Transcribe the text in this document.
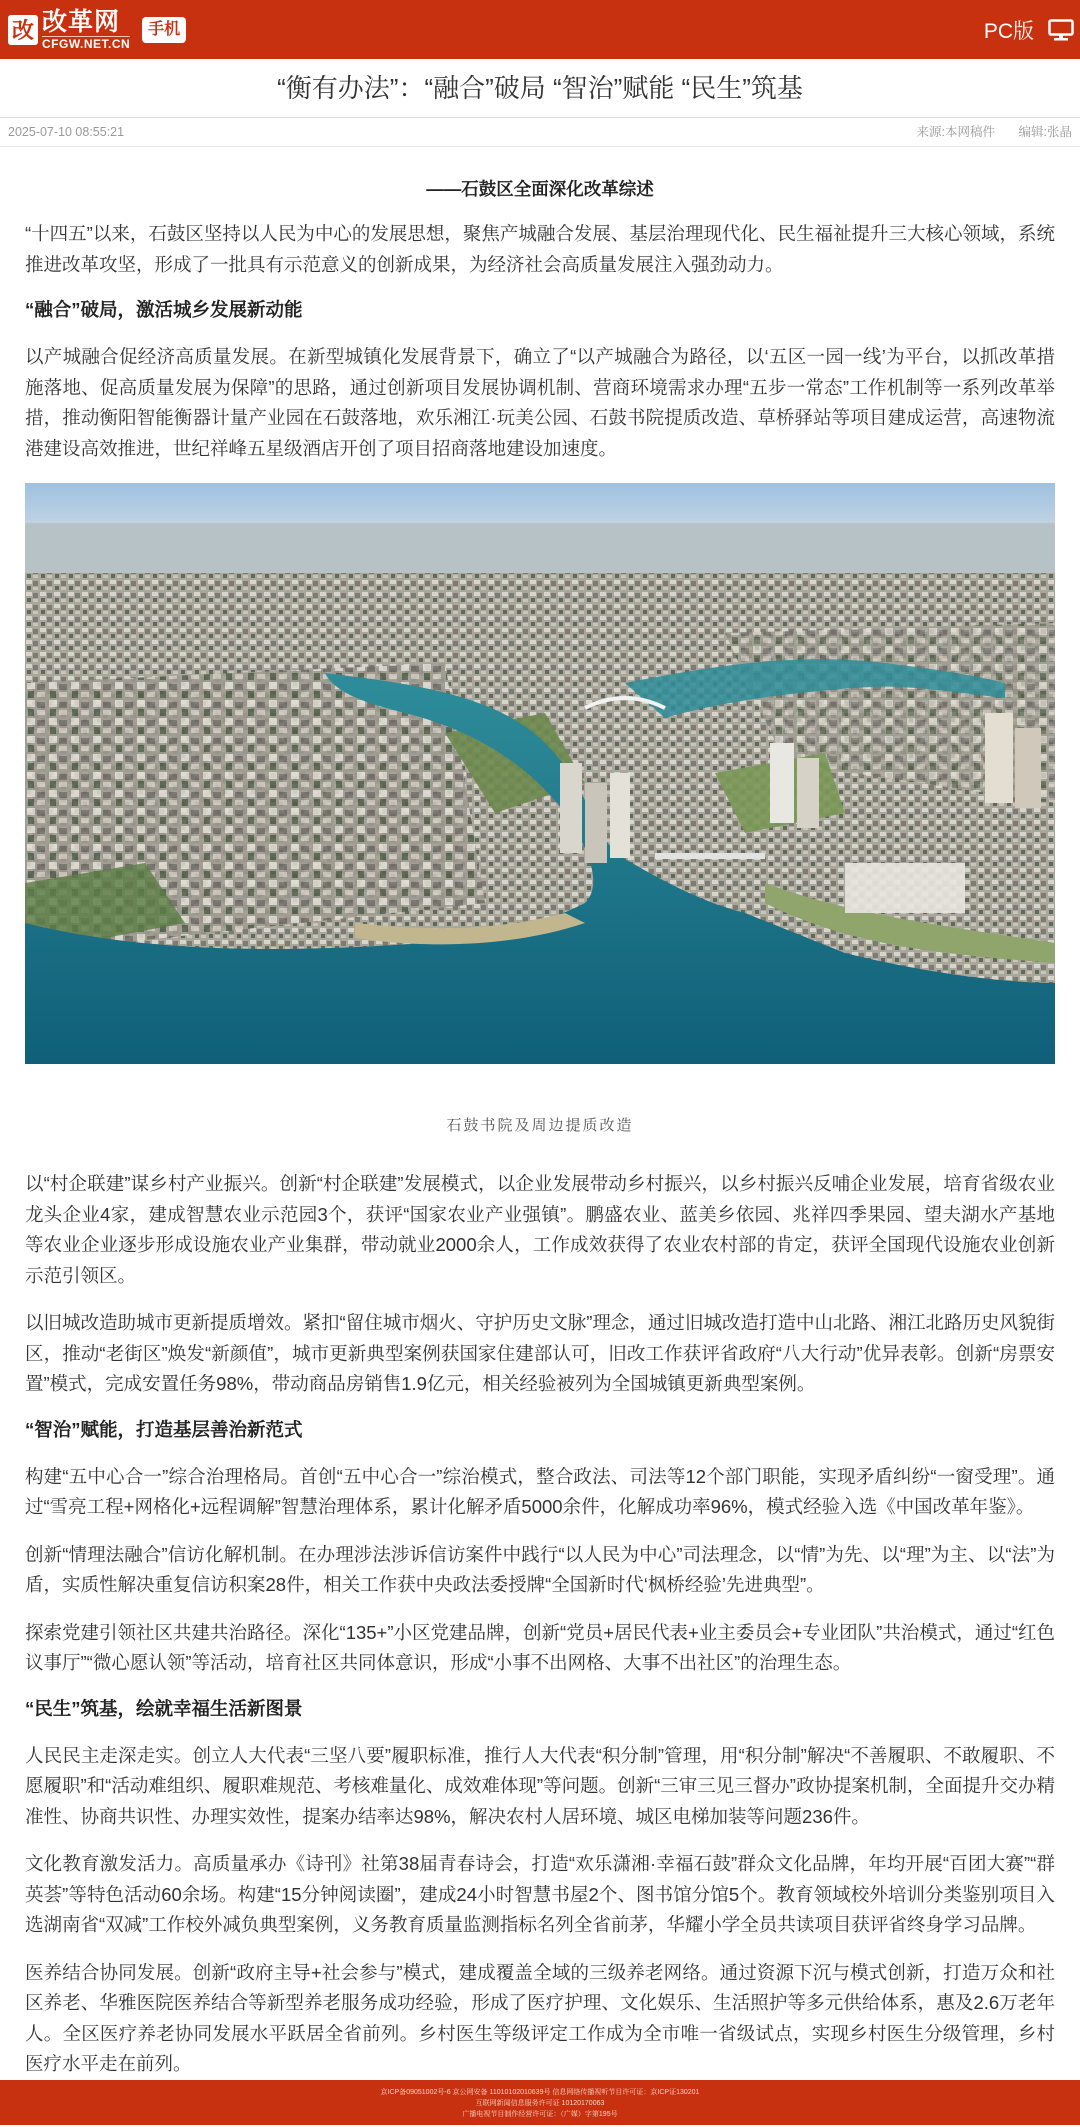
改 改革网
CFGW.NET.CN
手机	PC版
“衡有办法”：“融合”破局 “智治”赋能 “民生”筑基
2025-07-10 08:55:21	来源:本网稿件 编辑:张晶
——石鼓区全面深化改革综述

“十四五”以来，石鼓区坚持以人民为中心的发展思想，聚焦产城融合发展、基层治理现代化、民生福祉提升三大核心领域，系统推进改革攻坚，形成了一批具有示范意义的创新成果，为经济社会高质量发展注入强劲动力。

“融合”破局，激活城乡发展新动能

以产城融合促经济高质量发展。在新型城镇化发展背景下，确立了“以产城融合为路径，以‘五区一园一线’为平台，以抓改革措施落地、促高质量发展为保障”的思路，通过创新项目发展协调机制、营商环境需求办理“五步一常态”工作机制等一系列改革举措，推动衡阳智能衡器计量产业园在石鼓落地，欢乐湘江·玩美公园、石鼓书院提质改造、草桥驿站等项目建成运营，高速物流港建设高效推进，世纪祥峰五星级酒店开创了项目招商落地建设加速度。

石鼓书院及周边提质改造

以“村企联建”谋乡村产业振兴。创新“村企联建”发展模式，以企业发展带动乡村振兴，以乡村振兴反哺企业发展，培育省级农业龙头企业4家，建成智慧农业示范园3个，获评“国家农业产业强镇”。鹏盛农业、蓝美乡依园、兆祥四季果园、望夫湖水产基地等农业企业逐步形成设施农业产业集群，带动就业2000余人，工作成效获得了农业农村部的肯定，获评全国现代设施农业创新示范引领区。

以旧城改造助城市更新提质增效。紧扣“留住城市烟火、守护历史文脉”理念，通过旧城改造打造中山北路、湘江北路历史风貌街区，推动“老街区”焕发“新颜值”，城市更新典型案例获国家住建部认可，旧改工作获评省政府“八大行动”优异表彰。创新“房票安置”模式，完成安置任务98%，带动商品房销售1.9亿元，相关经验被列为全国城镇更新典型案例。

“智治”赋能，打造基层善治新范式

构建“五中心合一”综合治理格局。首创“五中心合一”综治模式，整合政法、司法等12个部门职能，实现矛盾纠纷“一窗受理”。通过“雪亮工程+网格化+远程调解”智慧治理体系，累计化解矛盾5000余件，化解成功率96%，模式经验入选《中国改革年鉴》。

创新“情理法融合”信访化解机制。在办理涉法涉诉信访案件中践行“以人民为中心”司法理念，以“情”为先、以“理”为主、以“法”为盾，实质性解决重复信访积案28件，相关工作获中央政法委授牌“全国新时代‘枫桥经验’先进典型”。

探索党建引领社区共建共治路径。深化“135+”小区党建品牌，创新“党员+居民代表+业主委员会+专业团队”共治模式，通过“红色议事厅”“微心愿认领”等活动，培育社区共同体意识，形成“小事不出网格、大事不出社区”的治理生态。

“民生”筑基，绘就幸福生活新图景

人民民主走深走实。创立人大代表“三坚八要”履职标准，推行人大代表“积分制”管理，用“积分制”解决“不善履职、不敢履职、不愿履职”和“活动难组织、履职难规范、考核难量化、成效难体现”等问题。创新“三审三见三督办”政协提案机制，全面提升交办精准性、协商共识性、办理实效性，提案办结率达98%，解决农村人居环境、城区电梯加装等问题236件。

文化教育激发活力。高质量承办《诗刊》社第38届青春诗会，打造“欢乐潇湘·幸福石鼓”群众文化品牌，年均开展“百团大赛”“群英荟”等特色活动60余场。构建“15分钟阅读圈”，建成24小时智慧书屋2个、图书馆分馆5个。教育领域校外培训分类鉴别项目入选湖南省“双减”工作校外减负典型案例，义务教育质量监测指标名列全省前茅，华耀小学全员共读项目获评省终身学习品牌。

医养结合协同发展。创新“政府主导+社会参与”模式，建成覆盖全域的三级养老网络。通过资源下沉与模式创新，打造万众和社区养老、华雅医院医养结合等新型养老服务成功经验，形成了医疗护理、文化娱乐、生活照护等多元供给体系，惠及2.6万老年人。全区医疗养老协同发展水平跃居全省前列。乡村医生等级评定工作成为全市唯一省级试点，实现乡村医生分级管理，乡村医疗水平走在前列。

京ICP备09051002号-6 京公网安备 11010102010639号 信息网络传播视听节目许可证：京ICP证130201
互联网新闻信息服务许可证 10120170063
广播电视节目制作经营许可证：（广媒）字第195号
